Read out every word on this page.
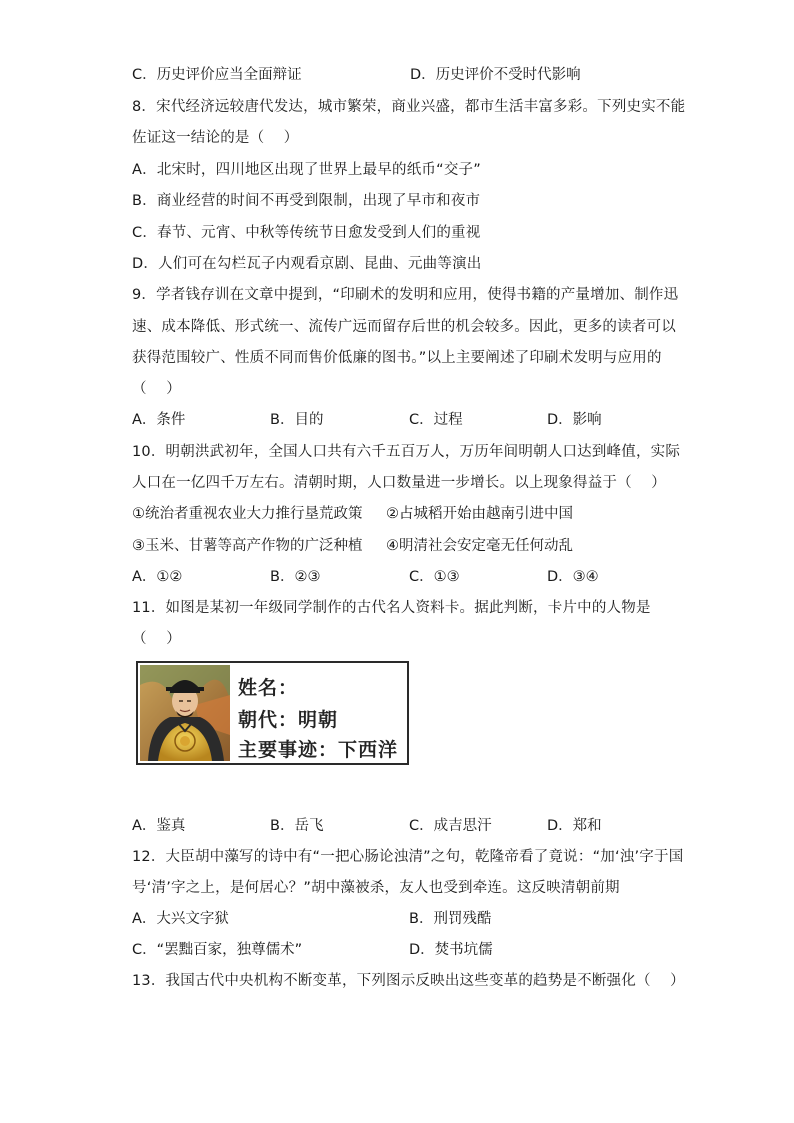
C．历史评价应当全面辩证	D．历史评价不受时代影响
8．宋代经济远较唐代发达，城市繁荣，商业兴盛，都市生活丰富多彩。下列史实不能
佐证这一结论的是（　 ）
A．北宋时，四川地区出现了世界上最早的纸币“交子”
B．商业经营的时间不再受到限制，出现了早市和夜市
C．春节、元宵、中秋等传统节日愈发受到人们的重视
D．人们可在勾栏瓦子内观看京剧、昆曲、元曲等演出
9．学者钱存训在文章中提到，“印刷术的发明和应用，使得书籍的产量增加、制作迅
速、成本降低、形式统一、流传广远而留存后世的机会较多。因此，更多的读者可以
获得范围较广、性质不同而售价低廉的图书。”以上主要阐述了印刷术发明与应用的
（　 ）
A．条件	B．目的	C．过程	D．影响
10．明朝洪武初年，全国人口共有六千五百万人，万历年间明朝人口达到峰值，实际
人口在一亿四千万左右。清朝时期，人口数量进一步增长。以上现象得益于（　 ）
①统治者重视农业大力推行垦荒政策 ②占城稻开始由越南引进中国
③玉米、甘薯等高产作物的广泛种植 ④明清社会安定毫无任何动乱
A．①②	B．②③	C．①③	D．③④
11．如图是某初一年级同学制作的古代名人资料卡。据此判断，卡片中的人物是
（　 ）
姓名：
朝代：明朝
主要事迹：下西洋
A．鉴真	B．岳飞	C．成吉思汗	D．郑和
12．大臣胡中藻写的诗中有“一把心肠论浊清”之句，乾隆帝看了竟说：“加‘浊’字于国
号‘清’字之上，是何居心？”胡中藻被杀，友人也受到牵连。这反映清朝前期
A．大兴文字狱	B．刑罚残酷
C．“罢黜百家，独尊儒术”	D．焚书坑儒
13．我国古代中央机构不断变革，下列图示反映出这些变革的趋势是不断强化（　 ）
